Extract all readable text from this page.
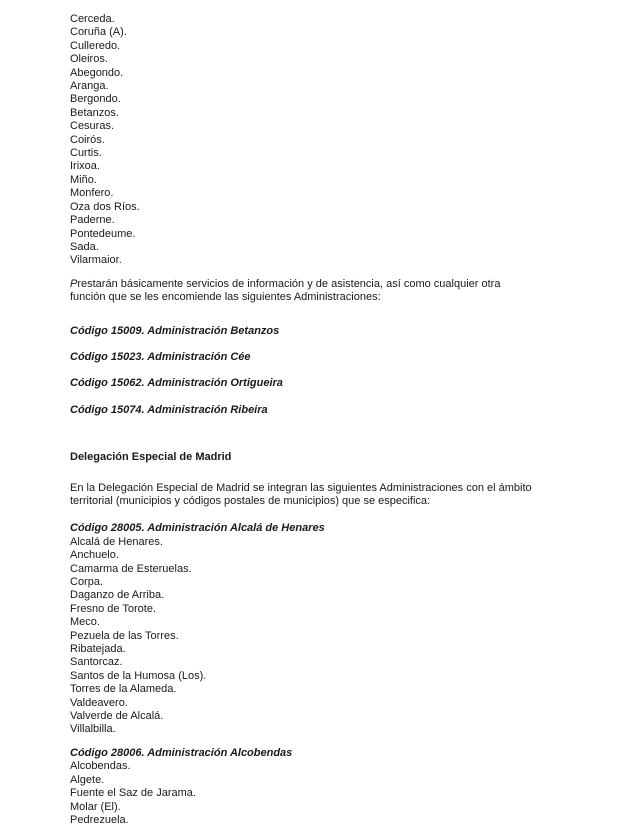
Cerceda.
Coruña (A).
Culleredo.
Oleiros.
Abegondo.
Aranga.
Bergondo.
Betanzos.
Cesuras.
Coirós.
Curtis.
Irixoa.
Miño.
Monfero.
Oza dos Ríos.
Paderne.
Pontedeume.
Sada.
Vilarmaior.

Prestarán básicamente servicios de información y de asistencia, así como cualquier otra
función que se les encomiende las siguientes Administraciones:

Código 15009. Administración Betanzos
Código 15023. Administración Cée
Código 15062. Administración Ortigueira
Código 15074. Administración Ribeira

Delegación Especial de Madrid

En la Delegación Especial de Madrid se integran las siguientes Administraciones con el ámbito
territorial (municipios y códigos postales de municipios) que se especifica:

Código 28005. Administración Alcalá de Henares

Alcalá de Henares.
Anchuelo.
Camarma de Esteruelas.
Corpa.
Daganzo de Arriba.
Fresno de Torote.
Meco.
Pezuela de las Torres.
Ribatejada.
Santorcaz.
Santos de la Humosa (Los).
Torres de la Alameda.
Valdeavero.
Valverde de Alcalá.
Villalbilla.

Código 28006. Administración Alcobendas

Alcobendas.
Algete.
Fuente el Saz de Jarama.
Molar (El).
Pedrezuela.
